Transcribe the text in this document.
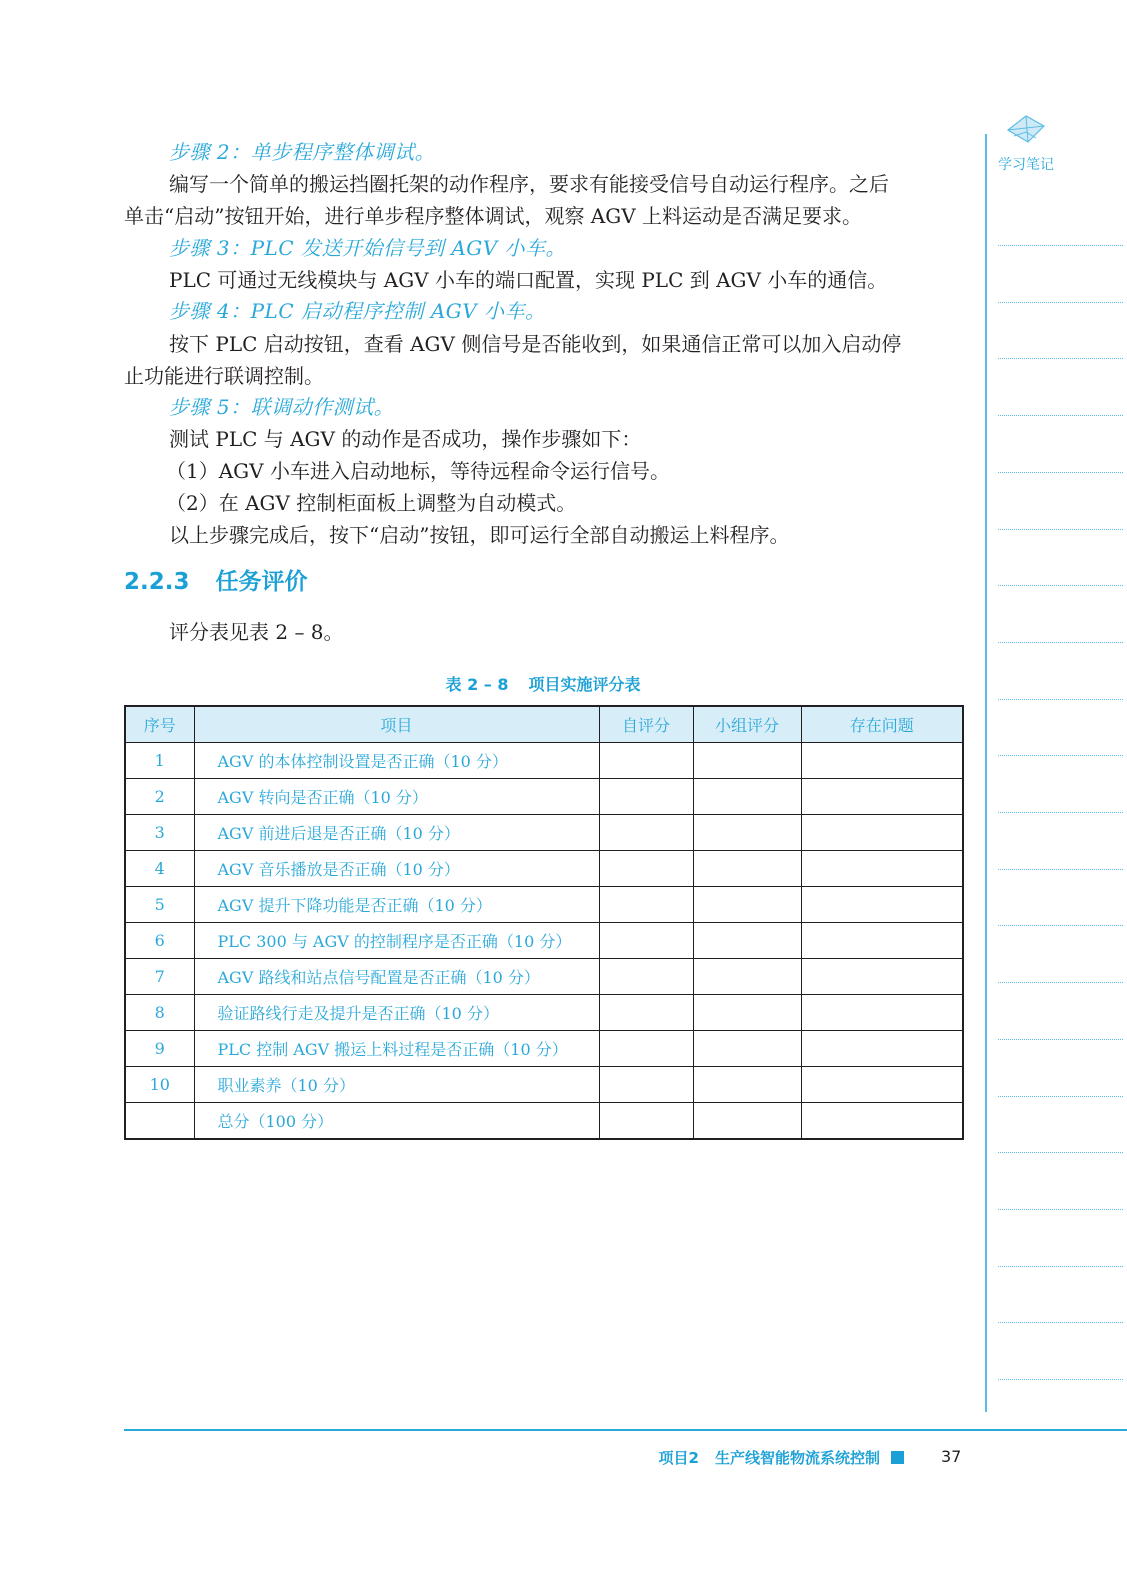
步骤 2：单步程序整体调试。
编写一个简单的搬运挡圈托架的动作程序，要求有能接受信号自动运行程序。之后
单击“启动”按钮开始，进行单步程序整体调试，观察 AGV 上料运动是否满足要求。
步骤 3：PLC 发送开始信号到 AGV 小车。
PLC 可通过无线模块与 AGV 小车的端口配置，实现 PLC 到 AGV 小车的通信。
步骤 4：PLC 启动程序控制 AGV 小车。
按下 PLC 启动按钮，查看 AGV 侧信号是否能收到，如果通信正常可以加入启动停
止功能进行联调控制。
步骤 5：联调动作测试。
测试 PLC 与 AGV 的动作是否成功，操作步骤如下：
（1）AGV 小车进入启动地标，等待远程命令运行信号。
（2）在 AGV 控制柜面板上调整为自动模式。
以上步骤完成后，按下“启动”按钮，即可运行全部自动搬运上料程序。
2.2.3 任务评价
评分表见表 2 – 8。
表 2 – 8 项目实施评分表
序号	项目	自评分	小组评分	存在问题
1	AGV 的本体控制设置是否正确（10 分）			
2	AGV 转向是否正确（10 分）			
3	AGV 前进后退是否正确（10 分）			
4	AGV 音乐播放是否正确（10 分）			
5	AGV 提升下降功能是否正确（10 分）			
6	PLC 300 与 AGV 的控制程序是否正确（10 分）			
7	AGV 路线和站点信号配置是否正确（10 分）			
8	验证路线行走及提升是否正确（10 分）			
9	PLC 控制 AGV 搬运上料过程是否正确（10 分）			
10	职业素养（10 分）			
	总分（100 分）			
学习笔记
项目2 生产线智能物流系统控制	37
